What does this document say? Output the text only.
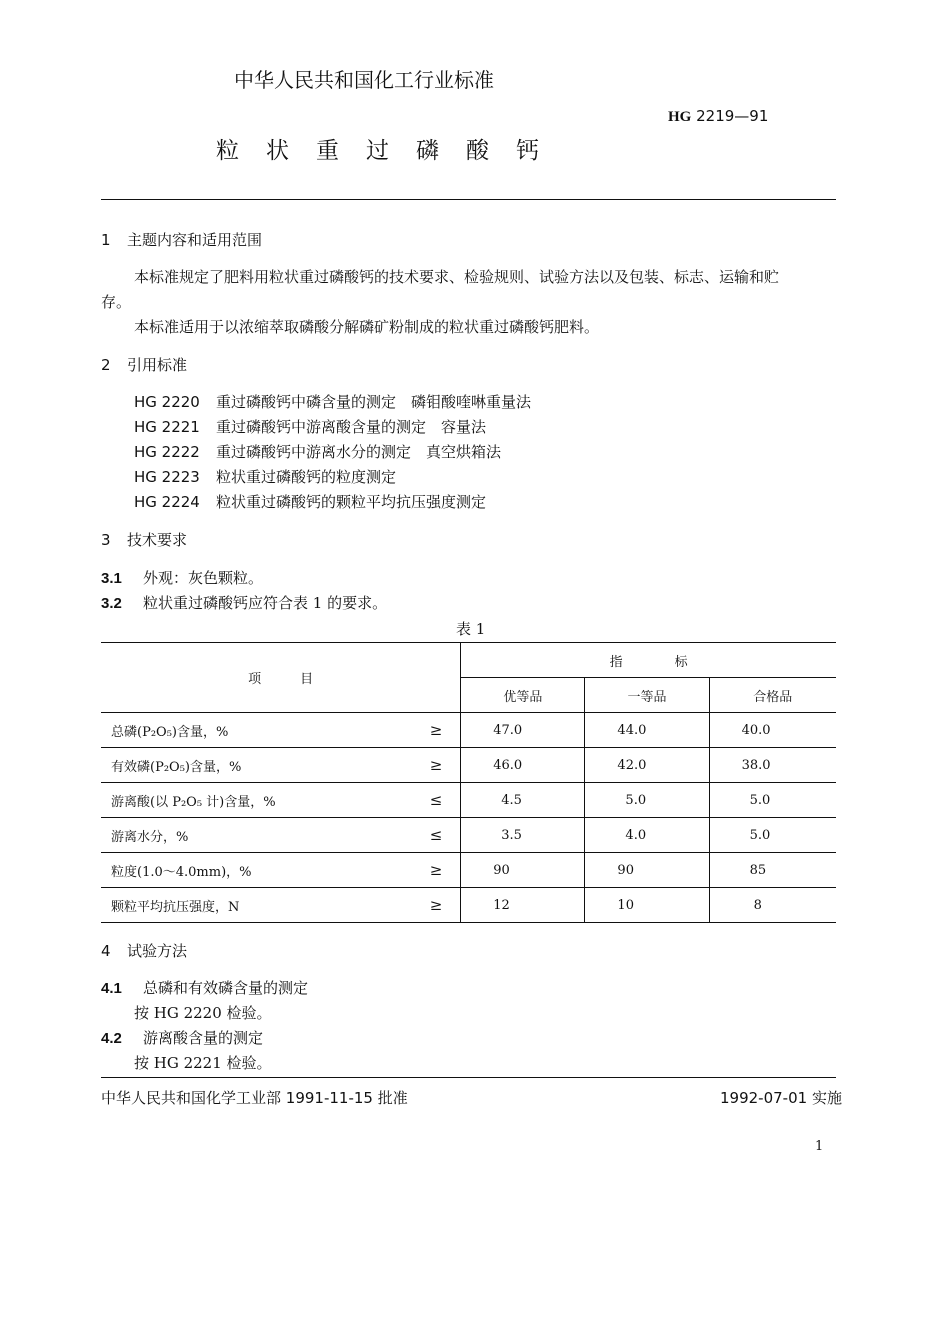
中华人民共和国化工行业标准
HG 2219—91
粒状重过磷酸钙
1 主题内容和适用范围
本标准规定了肥料用粒状重过磷酸钙的技术要求、检验规则、试验方法以及包装、标志、运输和贮
存。
本标准适用于以浓缩萃取磷酸分解磷矿粉制成的粒状重过磷酸钙肥料。
2 引用标准
HG 2220 重过磷酸钙中磷含量的测定　磷钼酸喹啉重量法
HG 2221 重过磷酸钙中游离酸含量的测定　容量法
HG 2222 重过磷酸钙中游离水分的测定　真空烘箱法
HG 2223 粒状重过磷酸钙的粒度测定
HG 2224 粒状重过磷酸钙的颗粒平均抗压强度测定
3 技术要求
3.1 外观：灰色颗粒。
3.2 粒状重过磷酸钙应符合表 1 的要求。
表 1
项　　　目		指　　　　标		
		优等品	一等品	合格品
总磷(P₂O₅)含量，%	≥	47.0	44.0	40.0
有效磷(P₂O₅)含量，%	≥	46.0	42.0	38.0
游离酸(以 P₂O₅ 计)含量，%	≤	4.5	5.0	5.0
游离水分，%	≤	3.5	4.0	5.0
粒度(1.0～4.0mm)，%	≥	90	90	85
颗粒平均抗压强度，N	≥	12	10	8
4 试验方法
4.1 总磷和有效磷含量的测定
按 HG 2220 检验。
4.2 游离酸含量的测定
按 HG 2221 检验。
中华人民共和国化学工业部 1991-11-15 批准	1992-07-01 实施
1
